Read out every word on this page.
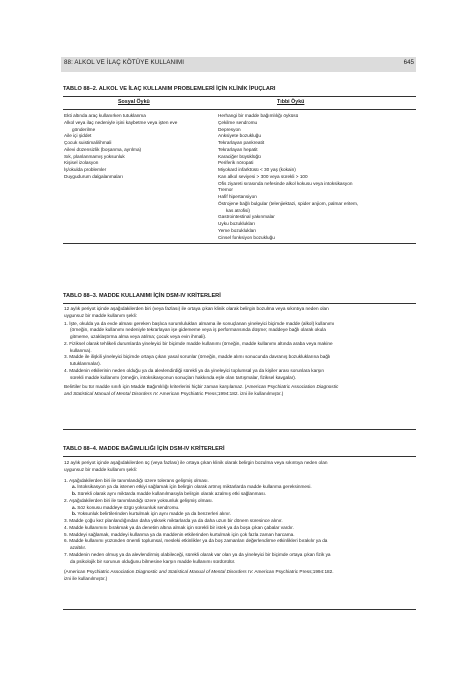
88: ALKOL VE İLAÇ KÖTÜYE KULLANIMI	645
TABLO 88–2. ALKOL VE İLAÇ KULLANIM PROBLEMLERİ İÇİN KLİNİK İPUÇLARI
Sosyal Öykü	Tıbbi Öykü
Ekti altında araç kullanırken tutuklanma
Alkol veya ilaç nedeniyle işini kaybetme veya işten eve
gönderilme
Aile içi şiddet
Çocuk suistimali/ihmali
Ailevi düzensizlik (boşanma, ayrılma)
Sık, planlanmamış yoksunluk
Kişisel izolasyon
İş/okulda problemler
Duygudurum dalgalanmaları
Herhangi bir madde bağımlılığı öyküsü
Çekilme sendromu
Depresyon
Anksiyete bozukluğu
Tekrarlayan pankreatit
Tekrarlayan hepatit
Karaciğer büyüklüğü
Periferik nöropati
Miyokard infarktüsü < 30 yaş (kokain)
Kan alkol seviyesi > 300 veya sürekli > 100
Ofis ziyareti sırasında nefesinde alkol kokusu veya intoksikasyon
Tremor
Hafif hipertansiyon
Östrojene bağlı bulgular (telenjiektazi, spider anjiom, palmar eritem,
kas atrofisi)
Gastrointestinal yakınmalar
Uyku bozuklukları
Yeme bozuklukları
Cinsel fonksiyon bozukluğu
TABLO 88–3. MADDE KULLANIMI İÇİN DSM-IV KRİTERLERİ
12 aylık periyot içinde aşağıdakilerden biri (veya fazlası) ile ortaya çıkan klinik olarak belirgin bozulma veya sıkıntıya neden olan
uygunsuz bir madde kullanım şekli:
1. İşte, okulda ya da evde alması gereken başlıca sorumlulukları almama ile sonuçlanan yineleyici biçimde madde (alkol) kullanımı
(örneğin, madde kullanımı nedeniyle tekrarlayan işe gidememe veya iş performansında düşme; maddeye bağlı olarak okula
gitmeme, uzaklaştırma alma veya atılma; çocuk veya evin ihmali).
2. Fiziksel olarak tehlikeli durumlarda yineleyici bir biçimde madde kullanımı (örneğin, madde kullanımı altında araba veya makine
kullanma).
3. Madde ile ilişkili yineleyici biçimde ortaya çıkan yasal sorunlar (örneğin, madde alımı sonucunda davranış bozukluklarına bağlı
tutuklanmalar).
4. Maddenin etkilerinin neden olduğu ya da alevlendirdiği sürekli ya da yineleyici toplumsal ya da kişiler arası sorunlara karşın
sürekli madde kullanımı (örneğin, intoksikasyonun sonuçları hakkında eşle olan tartışmalar, fiziksel kavgalar).
Belirtiler bu tür madde sınıfı için Madde Bağımlılığı kriterlerini hiçbir zaman karşılamaz. (American Psychiatric Association Diagnostic
and Statistical Manual of Mental Disorders IV. American Psychiatric Press;1994:182. izni ile kullanılmıştır.)
TABLO 88–4. MADDE BAĞIMLILIĞI İÇİN DSM-IV KRİTERLERİ
12 aylık periyot içinde aşağıdakilerden üç (veya fazlası) ile ortaya çıkan klinik olarak belirgin bozulma veya sıkıntıya neden olan
uygunsuz bir madde kullanım şekli:
1. Aşağıdakilerden biri ile tanımlandığı üzere tolerans gelişmiş olması.
a. İntoksikasyon ya da istenen etkiyi sağlamak için belirgin olarak artmış miktarlarda madde kullanma gereksinmesi.
b. Sürekli olarak aynı miktarda madde kullanılmasıyla belirgin olarak azalmış etki sağlanması.
2. Aşağıdakilerden biri ile tanımlandığı üzere yoksunluk gelişmiş olması.
a. Söz konusu maddeye özgü yoksunluk sendromu.
b. Yoksunluk belirtilerinden kurtulmak için aynı madde ya da benzerleri alınır.
3. Madde çoğu kez planlandığından daha yüksek miktarlarda ya da daha uzun bir dönem süresince alınır.
4. Madde kullanımını bırakmak ya da denetim altına almak için sürekli bir istek ya da boşa çıkan çabalar vardır.
5. Maddeyi sağlamak, maddeyi kullanma ya da maddenin etkilerinden kurtulmak için çok fazla zaman harcama.
6. Madde kullanımı yüzünden önemli toplumsal, mesleki etkinlikler ya da boş zamanları değerlendirme etkinlikleri bırakılır ya da
azaltılır.
7. Maddenin neden olmuş ya da alevlendirmiş olabileceği, sürekli olarak var olan ya da yineleyici bir biçimde ortaya çıkan fizik ya
da psikolojik bir sorunun olduğunu bilmesine karşın madde kullanımı sürdürülür.
(American Psychiatric Association Diagnostic and Statistical Manual of Mental Disorders IV. American Psychiatric Press;1994:182.
izni ile kullanılmıştır.)
